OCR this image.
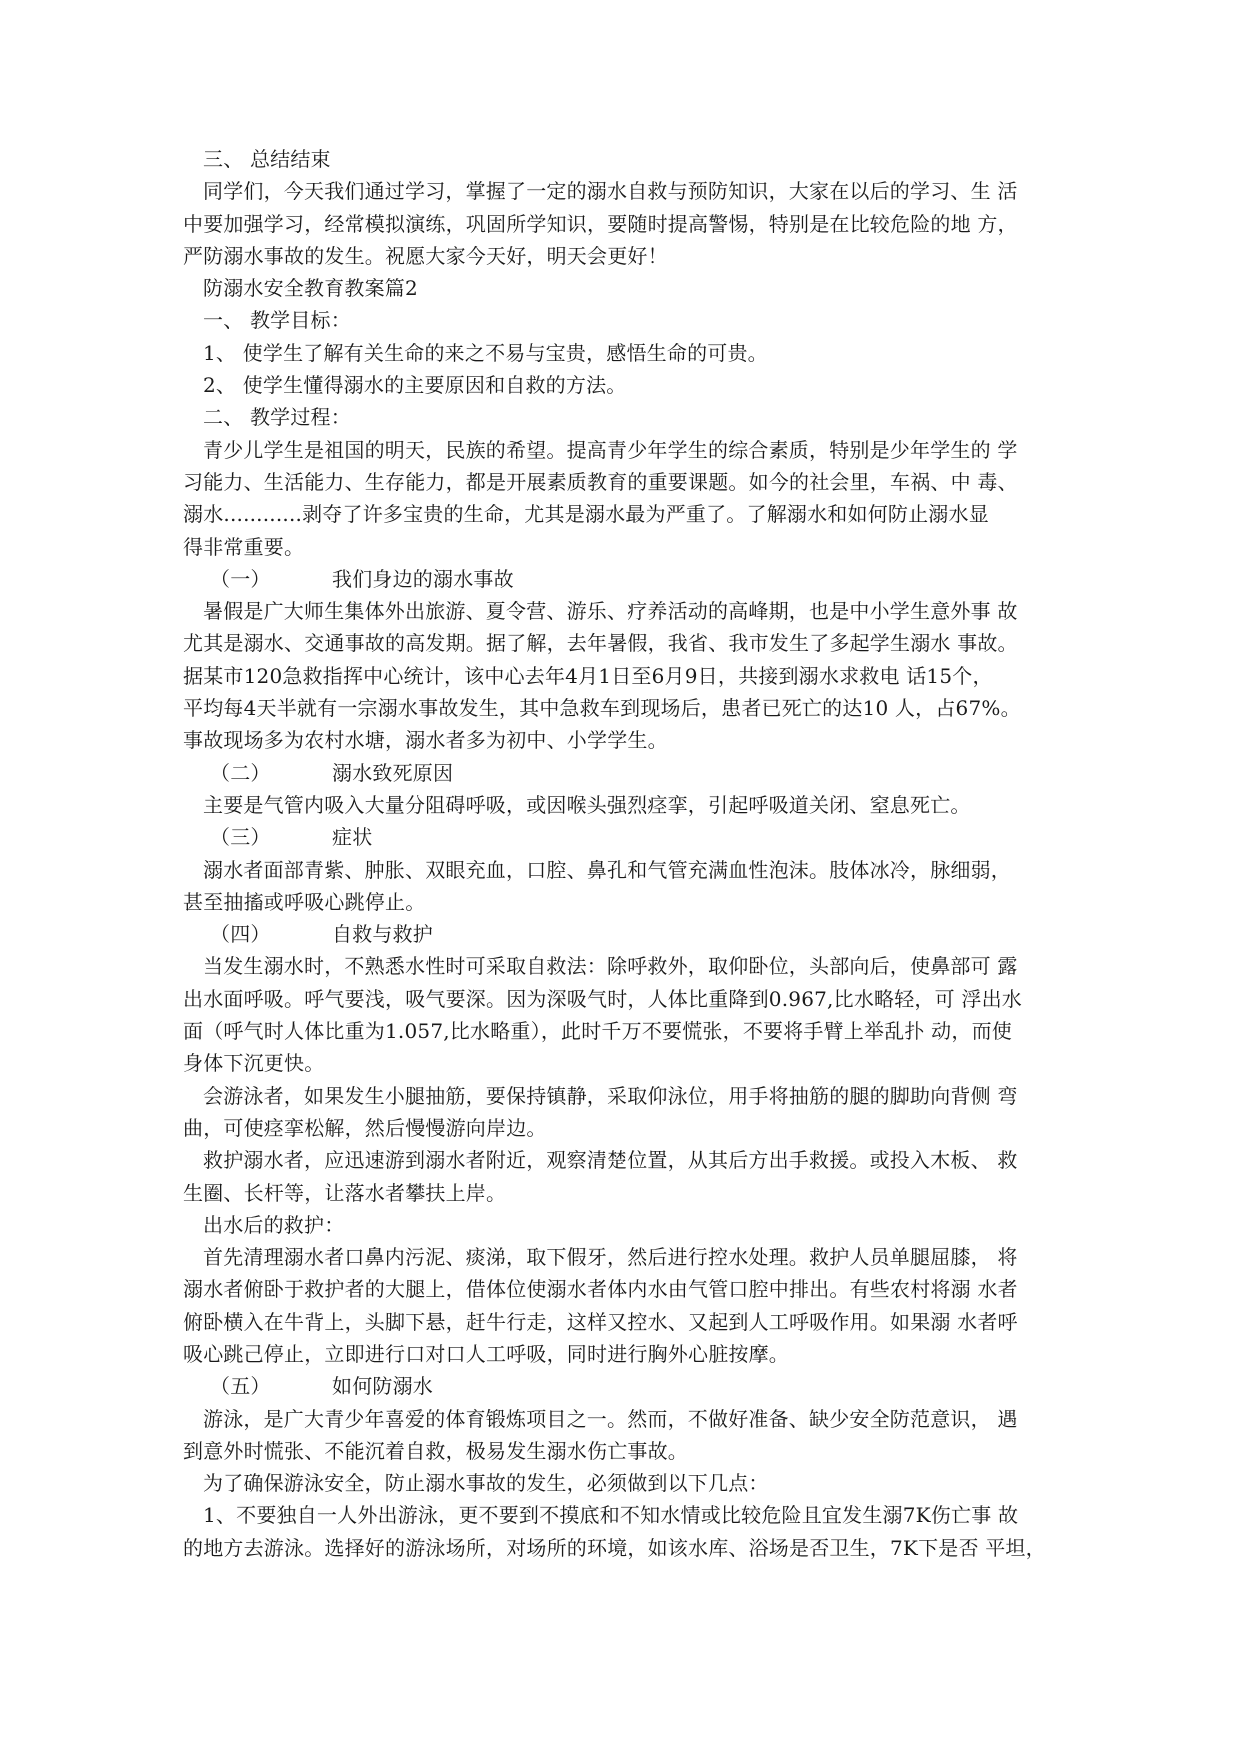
三、 总结结束
同学们，今天我们通过学习，掌握了一定的溺水自救与预防知识，大家在以后的学习、生 活
中要加强学习，经常模拟演练，巩固所学知识，要随时提高警惕，特别是在比较危险的地 方，
严防溺水事故的发生。祝愿大家今天好，明天会更好！
防溺水安全教育教案篇2
一、 教学目标：
1、 使学生了解有关生命的来之不易与宝贵，感悟生命的可贵。
2、 使学生懂得溺水的主要原因和自救的方法。
二、 教学过程：
青少儿学生是祖国的明天，民族的希望。提高青少年学生的综合素质，特别是少年学生的 学
习能力、生活能力、生存能力，都是开展素质教育的重要课题。如今的社会里，车祸、中 毒、
溺水............剥夺了许多宝贵的生命，尤其是溺水最为严重了。了解溺水和如何防止溺水显
得非常重要。
（一）	我们身边的溺水事故
暑假是广大师生集体外出旅游、夏令营、游乐、疗养活动的高峰期，也是中小学生意外事 故
尤其是溺水、交通事故的高发期。据了解，去年暑假，我省、我市发生了多起学生溺水 事故。
据某市120急救指挥中心统计，该中心去年4月1日至6月9日，共接到溺水求救电 话15个，
平均每4天半就有一宗溺水事故发生，其中急救车到现场后，患者已死亡的达10 人，占67%。
事故现场多为农村水塘，溺水者多为初中、小学学生。
（二）	溺水致死原因
主要是气管内吸入大量分阻碍呼吸，或因喉头强烈痉挛，引起呼吸道关闭、窒息死亡。
（三）	症状
溺水者面部青紫、肿胀、双眼充血，口腔、鼻孔和气管充满血性泡沫。肢体冰冷，脉细弱，
甚至抽搐或呼吸心跳停止。
（四）	自救与救护
当发生溺水时，不熟悉水性时可采取自救法：除呼救外，取仰卧位，头部向后，使鼻部可 露
出水面呼吸。呼气要浅，吸气要深。因为深吸气时，人体比重降到0.967,比水略轻，可 浮出水
面（呼气时人体比重为1.057,比水略重），此时千万不要慌张，不要将手臂上举乱扑 动，而使
身体下沉更快。
会游泳者，如果发生小腿抽筋，要保持镇静，采取仰泳位，用手将抽筋的腿的脚助向背侧 弯
曲，可使痉挛松解，然后慢慢游向岸边。
救护溺水者，应迅速游到溺水者附近，观察清楚位置，从其后方出手救援。或投入木板、 救
生圈、长杆等，让落水者攀扶上岸。
出水后的救护：
首先清理溺水者口鼻内污泥、痰涕，取下假牙，然后进行控水处理。救护人员单腿屈膝， 将
溺水者俯卧于救护者的大腿上，借体位使溺水者体内水由气管口腔中排出。有些农村将溺 水者
俯卧横入在牛背上，头脚下悬，赶牛行走，这样又控水、又起到人工呼吸作用。如果溺 水者呼
吸心跳己停止，立即进行口对口人工呼吸，同时进行胸外心脏按摩。
（五）	如何防溺水
游泳，是广大青少年喜爱的体育锻炼项目之一。然而，不做好准备、缺少安全防范意识， 遇
到意外时慌张、不能沉着自救，极易发生溺水伤亡事故。
为了确保游泳安全，防止溺水事故的发生，必须做到以下几点：
1、不要独自一人外出游泳，更不要到不摸底和不知水情或比较危险且宜发生溺7K伤亡事 故
的地方去游泳。选择好的游泳场所，对场所的环境，如该水库、浴场是否卫生，7K下是否 平坦，
